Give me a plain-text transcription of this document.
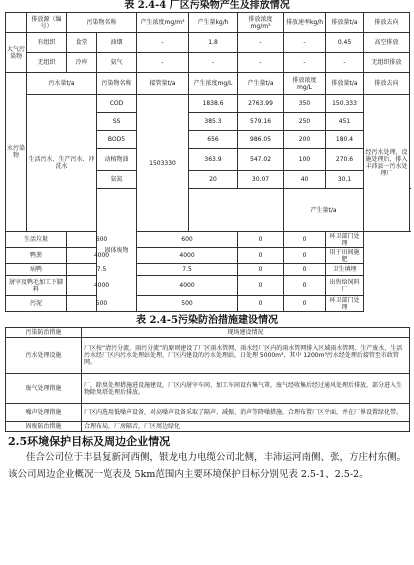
表 2.4-4 厂区污染物产生及排放情况
	排放源（编号）	污染物名称		产生浓度mg/m³	产生量kg/h	排放浓度mg/m³	排放速率kg/h	排放量t/a	排放去向	
大气污染物	有组织	食堂	油烟	-	1.8	-	-	0.45	高空排放	
	无组织	冷库	氨气	-	-	-	-	-	无组织排放	
水污染物	污水量t/a		污染物名称	接管量t/a	产生浓度mg/L	产生量t/a	排放浓度mg/L	排放量t/a	排放去向	
	生活污水、生产污水、冲洗水		COD	1503330	1838.6	2763.99	350	150.333	经污水处理，设施处理后，排入丰沛县一污水处理厂	
			SS		385.3	579.16	250	451		
			BOD5		656	986.05	200	180.4		
			动植物油		363.9	547.02	100	270.6		
			氨氮		20	30.07	40	30.1		
			固体废物				产生量t/a				
生活垃圾		600		600		0	0	环卫部门处理		
鸭粪		4000		4000		0	0	用于田间施肥		
病鸭		7.5		7.5		0	0	卫生填埋		
屠宰及鸭毛加工下脚料		4000		4000		0	0	出售给饲料厂		
污泥		500		500		0	0	环卫部门处理		
表 2.4-5污染防治措施建设情况
污染防治措施	现场建设情况
污水处理设施	厂区按“清污分流、雨污分流”的原则建设了厂区雨水管网，雨水经厂区内的雨水管网排入区域雨水管网，生产废水、生活污水经厂区内污水处理站处理，厂区内建设的污水处理站，日处理 5000m³，其中 1200m³污水经处理后接管至市政管网。
废气处理措施	厂，除臭处理措施进设施建设，厂区内屠宰车间、加工车间设有集气罩，废气经收集后经过通风处理后排放，部分进入生物除臭塔处理后排放。
噪声处理措施	厂区内选用低噪声设备，对高噪声设备采取了隔声、减振、消声等降噪措施，合理布置厂区平面，并在厂界设置绿化带。
固废防治措施	合理布局，厂房隔音，厂区周边绿化
2.5环境保护目标及周边企业情况
佳合公司位于丰县复新河西侧，银龙电力电缆公司北侧，丰沛运河南侧、张，方庄村东侧。该公司周边企业概况一览表及 5km范围内主要环境保护目标分别见表 2.5-1、2.5-2。
